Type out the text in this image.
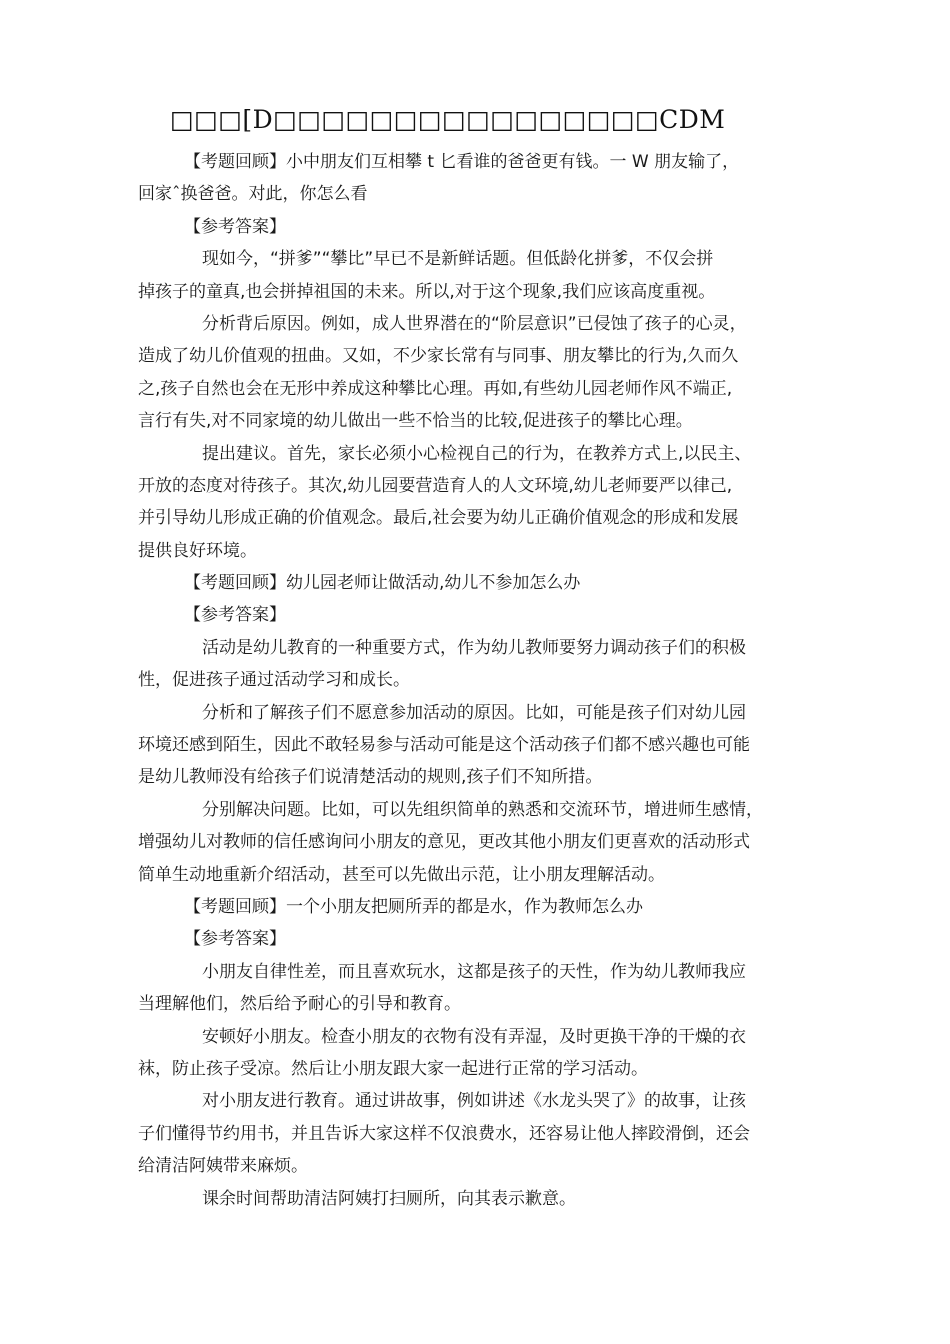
□□□[D□□□□□□□□□□□□□□□□CDM
【考题回顾】小中朋友们互相攀 t 匕看谁的爸爸更有钱。一 W 朋友输了，
回家ˆ换爸爸。对此，你怎么看
【参考答案】
现如今，“拼爹”“攀比”早已不是新鲜话题。但低龄化拼爹，不仅会拼
掉孩子的童真,也会拼掉祖国的未来。所以,对于这个现象,我们应该高度重视。
分析背后原因。例如，成人世界潜在的“阶层意识”已侵蚀了孩子的心灵，
造成了幼儿价值观的扭曲。又如，不少家长常有与同事、朋友攀比的行为,久而久
之,孩子自然也会在无形中养成这种攀比心理。再如,有些幼儿园老师作风不端正,
言行有失,对不同家境的幼儿做出一些不恰当的比较,促进孩子的攀比心理。
提出建议。首先，家长必须小心检视自己的行为，在教养方式上,以民主、
开放的态度对待孩子。其次,幼儿园要营造育人的人文环境,幼儿老师要严以律己,
并引导幼儿形成正确的价值观念。最后,社会要为幼儿正确价值观念的形成和发展
提供良好环境。
【考题回顾】幼儿园老师让做活动,幼儿不参加怎么办
【参考答案】
活动是幼儿教育的一种重要方式，作为幼儿教师要努力调动孩子们的积极
性，促进孩子通过活动学习和成长。
分析和了解孩子们不愿意参加活动的原因。比如，可能是孩子们对幼儿园
环境还感到陌生，因此不敢轻易参与活动可能是这个活动孩子们都不感兴趣也可能
是幼儿教师没有给孩子们说清楚活动的规则,孩子们不知所措。
分别解决问题。比如，可以先组织简单的熟悉和交流环节，增进师生感情，
增强幼儿对教师的信任感询问小朋友的意见，更改其他小朋友们更喜欢的活动形式
简单生动地重新介绍活动，甚至可以先做出示范，让小朋友理解活动。
【考题回顾】一个小朋友把厕所弄的都是水，作为教师怎么办
【参考答案】
小朋友自律性差，而且喜欢玩水，这都是孩子的天性，作为幼儿教师我应
当理解他们，然后给予耐心的引导和教育。
安顿好小朋友。检查小朋友的衣物有没有弄湿，及时更换干净的干燥的衣
袜，防止孩子受凉。然后让小朋友跟大家一起进行正常的学习活动。
对小朋友进行教育。通过讲故事，例如讲述《水龙头哭了》的故事，让孩
子们懂得节约用书，并且告诉大家这样不仅浪费水，还容易让他人摔跤滑倒，还会
给清洁阿姨带来麻烦。
课余时间帮助清洁阿姨打扫厕所，向其表示歉意。
